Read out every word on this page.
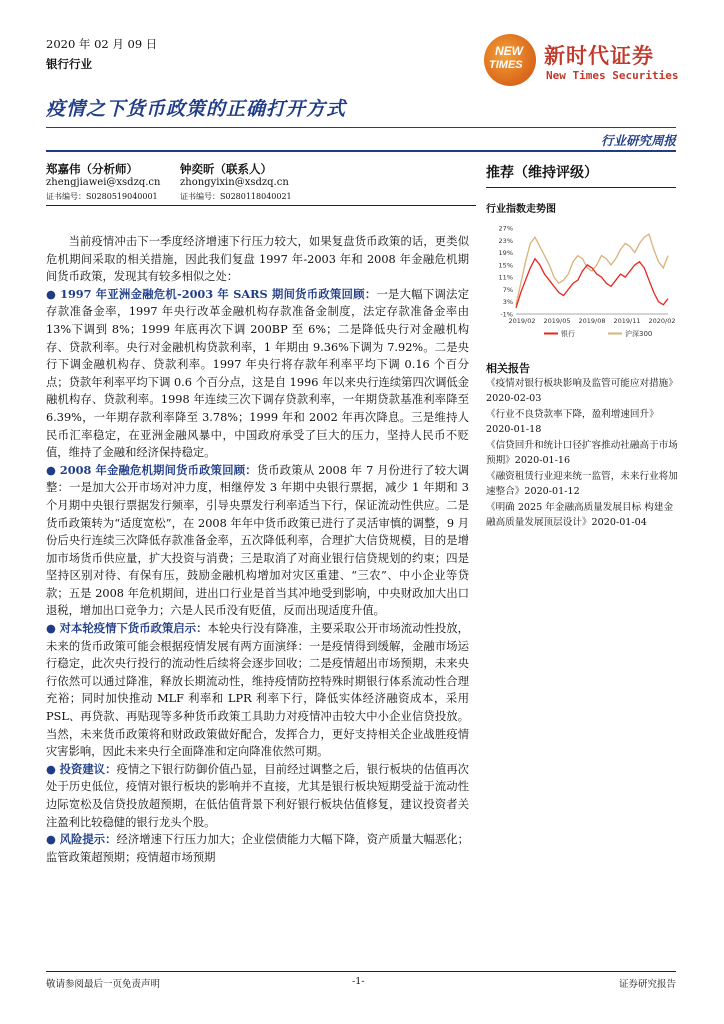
2020 年 02 月 09 日
银行行业
NEW
TIMES 新时代证券
New Times Securities
疫情之下货币政策的正确打开方式
行业研究周报
郑嘉伟（分析师）
zhengjiawei@xsdzq.cn
证书编号：S0280519040001
钟奕昕（联系人）
zhongyixin@xsdzq.cn
证书编号：S0280118040021
推荐（维持评级）
行业指数走势图
27%
23%
19%
15%
11%
7%
3%
-1%
2019/02 2019/05 2019/08 2019/11 2020/02
银行	沪深300
相关报告
《疫情对银行板块影响及监管可能应对措施》2020-02-03
《行业不良贷款率下降，盈利增速回升》2020-01-18
《信贷回升和统计口径扩容推动社融高于市场预期》2020-01-16
《融资租赁行业迎来统一监管，未来行业将加速整合》2020-01-12
《明确 2025 年金融高质量发展目标 构建金融高质量发展顶层设计》2020-01-04

当前疫情冲击下一季度经济增速下行压力较大，如果复盘货币政策的话，更类似危机期间采取的相关措施，因此我们复盘 1997 年-2003 年和 2008 年金融危机期间货币政策，发现其有较多相似之处：

● 1997 年亚洲金融危机-2003 年 SARS 期间货币政策回顾：一是大幅下调法定存款准备金率，1997 年央行改革金融机构存款准备金制度，法定存款准备金率由 13%下调到 8%；1999 年底再次下调 200BP 至 6%；二是降低央行对金融机构存、贷款利率。央行对金融机构贷款利率，1 年期由 9.36%下调为 7.92%。二是央行下调金融机构存、贷款利率。1997 年央行将存款年利率平均下调 0.16 个百分点；贷款年利率平均下调 0.6 个百分点，这是自 1996 年以来央行连续第四次调低金融机构存、贷款利率。1998 年连续三次下调存贷款利率，一年期贷款基准利率降至 6.39%，一年期存款利率降至 3.78%；1999 年和 2002 年再次降息。三是维持人民币汇率稳定，在亚洲金融风暴中，中国政府承受了巨大的压力，坚持人民币不贬值，维持了金融和经济保持稳定。

● 2008 年金融危机期间货币政策回顾：货币政策从 2008 年 7 月份进行了较大调整：一是加大公开市场对冲力度，相继停发 3 年期中央银行票据，减少 1 年期和 3 个月期中央银行票据发行频率，引导央票发行利率适当下行，保证流动性供应。二是货币政策转为“适度宽松”，在 2008 年年中货币政策已进行了灵活审慎的调整，9 月份后央行连续三次降低存款准备金率，五次降低利率，合理扩大信贷规模，目的是增加市场货币供应量，扩大投资与消费；三是取消了对商业银行信贷规划的约束；四是坚持区别对待、有保有压，鼓励金融机构增加对灾区重建、“三农”、中小企业等贷款；五是 2008 年危机期间，进出口行业是首当其冲地受到影响，中央财政加大出口退税，增加出口竞争力；六是人民币没有贬值，反而出现适度升值。

● 对本轮疫情下货币政策启示：本轮央行没有降准，主要采取公开市场流动性投放，未来的货币政策可能会根据疫情发展有两方面演绎：一是疫情得到缓解，金融市场运行稳定，此次央行投行的流动性后续将会逐步回收；二是疫情超出市场预期，未来央行依然可以通过降准，释放长期流动性，维持疫情防控特殊时期银行体系流动性合理充裕；同时加快推动 MLF 利率和 LPR 利率下行，降低实体经济融资成本，采用 PSL、再贷款、再贴现等多种货币政策工具助力对疫情冲击较大中小企业信贷投放。当然，未来货币政策将和财政政策做好配合，发挥合力，更好支持相关企业战胜疫情灾害影响，因此未来央行全面降准和定向降准依然可期。

● 投资建议：疫情之下银行防御价值凸显，目前经过调整之后，银行板块的估值再次处于历史低位，疫情对银行板块的影响并不直接，尤其是银行板块短期受益于流动性边际宽松及信贷投放超预期，在低估值背景下利好银行板块估值修复，建议投资者关注盈利比较稳健的银行龙头个股。

● 风险提示：经济增速下行压力加大；企业偿债能力大幅下降，资产质量大幅恶化；监管政策超预期；疫情超市场预期

敬请参阅最后一页免责声明	-1-	证券研究报告
